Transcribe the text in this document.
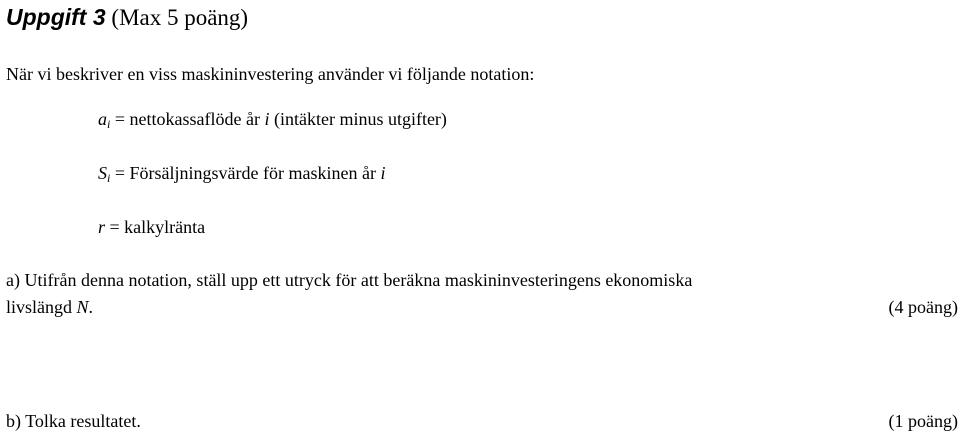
Uppgift 3 (Max 5 poäng)
När vi beskriver en viss maskininvestering använder vi följande notation:
$a_i$ = nettokassaflöde år i (intäkter minus utgifter)
$S_i$ = Försäljningsvärde för maskinen år i
r = kalkylränta
a) Utifrån denna notation, ställ upp ett utryck för att beräkna maskininvesteringens ekonomiska
livslängd N.	(4 poäng)
b) Tolka resultatet.	(1 poäng)
